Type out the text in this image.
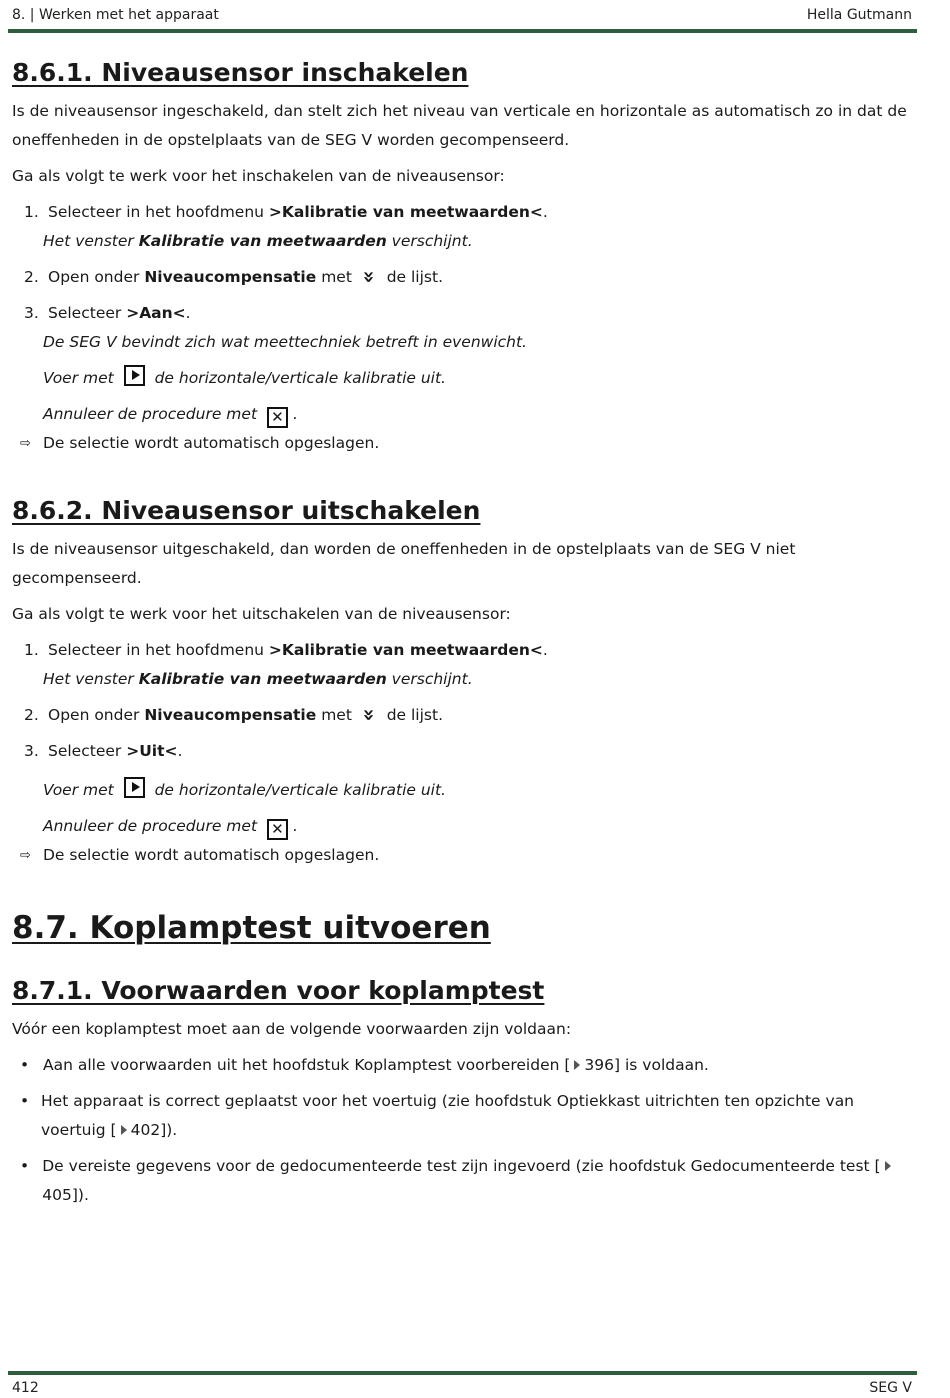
8. | Werken met het apparaat	Hella Gutmann
8.6.1. Niveausensor inschakelen

Is de niveausensor ingeschakeld, dan stelt zich het niveau van verticale en horizontale as automatisch zo in dat de oneffenheden in de opstelplaats van de SEG V worden gecompenseerd.

Ga als volgt te werk voor het inschakelen van de niveausensor:

1. Selecteer in het hoofdmenu >Kalibratie van meetwaarden<.
Het venster Kalibratie van meetwaarden verschijnt.
2. Open onder Niveaucompensatie met » de lijst.
3. Selecteer >Aan<.
De SEG V bevindt zich wat meettechniek betreft in evenwicht.
Voer met  de horizontale/verticale kalibratie uit.
Annuleer de procedure met ✕ .
⇨ De selectie wordt automatisch opgeslagen.
8.6.2. Niveausensor uitschakelen

Is de niveausensor uitgeschakeld, dan worden de oneffenheden in de opstelplaats van de SEG V niet gecompenseerd.

Ga als volgt te werk voor het uitschakelen van de niveausensor:

1. Selecteer in het hoofdmenu >Kalibratie van meetwaarden<.
Het venster Kalibratie van meetwaarden verschijnt.
2. Open onder Niveaucompensatie met » de lijst.
3. Selecteer >Uit<.
Voer met  de horizontale/verticale kalibratie uit.
Annuleer de procedure met ✕ .
⇨ De selectie wordt automatisch opgeslagen.
8.7. Koplamptest uitvoeren
8.7.1. Voorwaarden voor koplamptest

Vóór een koplamptest moet aan de volgende voorwaarden zijn voldaan:

• Aan alle voorwaarden uit het hoofdstuk Koplamptest voorbereiden [ 396] is voldaan.
• Het apparaat is correct geplaatst voor het voertuig (zie hoofdstuk Optiekkast uitrichten ten opzichte van voertuig [ 402]).
• De vereiste gegevens voor de gedocumenteerde test zijn ingevoerd (zie hoofdstuk Gedocumenteerde test [405]).
412	SEG V
